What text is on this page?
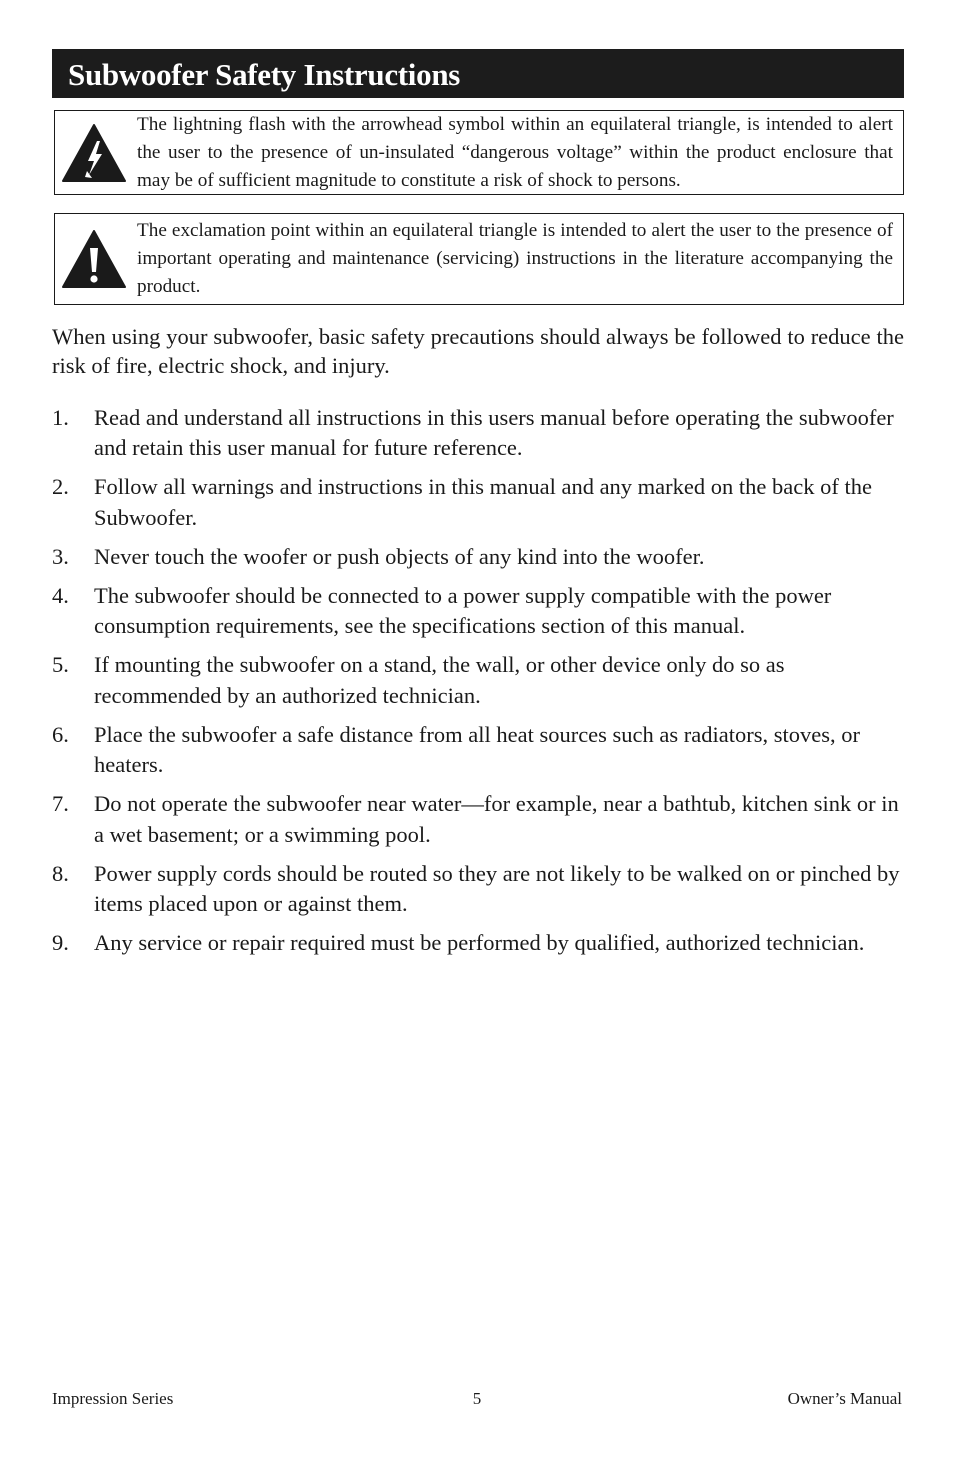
Subwoofer Safety Instructions
The lightning flash with the arrowhead symbol within an equilateral triangle, is intended to alert the user to the presence of un-insulated “dangerous voltage” within the product enclosure that may be of sufficient magnitude to constitute a risk of shock to persons.
The exclamation point within an equilateral triangle is intended to alert the user to the presence of important operating and maintenance (servicing) instructions in the literature accompanying the product.

When using your subwoofer, basic safety precautions should always be followed to reduce the risk of fire, electric shock, and injury.

1.	Read and understand all instructions in this users manual before operating the subwoofer and retain this user manual for future reference.
2.	Follow all warnings and instructions in this manual and any marked on the back of the Subwoofer.
3.	Never touch the woofer or push objects of any kind into the woofer.
4.	The subwoofer should be connected to a power supply compatible with the power consumption requirements, see the specifications section of this manual.
5.	If mounting the subwoofer on a stand, the wall, or other device only do so as recommended by an authorized technician.
6.	Place the subwoofer a safe distance from all heat sources such as radiators, stoves, or heaters.
7.	Do not operate the subwoofer near water—for example, near a bathtub, kitchen sink or in a wet basement; or a swimming pool.
8.	Power supply cords should be routed so they are not likely to be walked on or pinched by items placed upon or against them.
9.	Any service or repair required must be performed by qualified, authorized technician.
Impression Series	5	Owner’s Manual
